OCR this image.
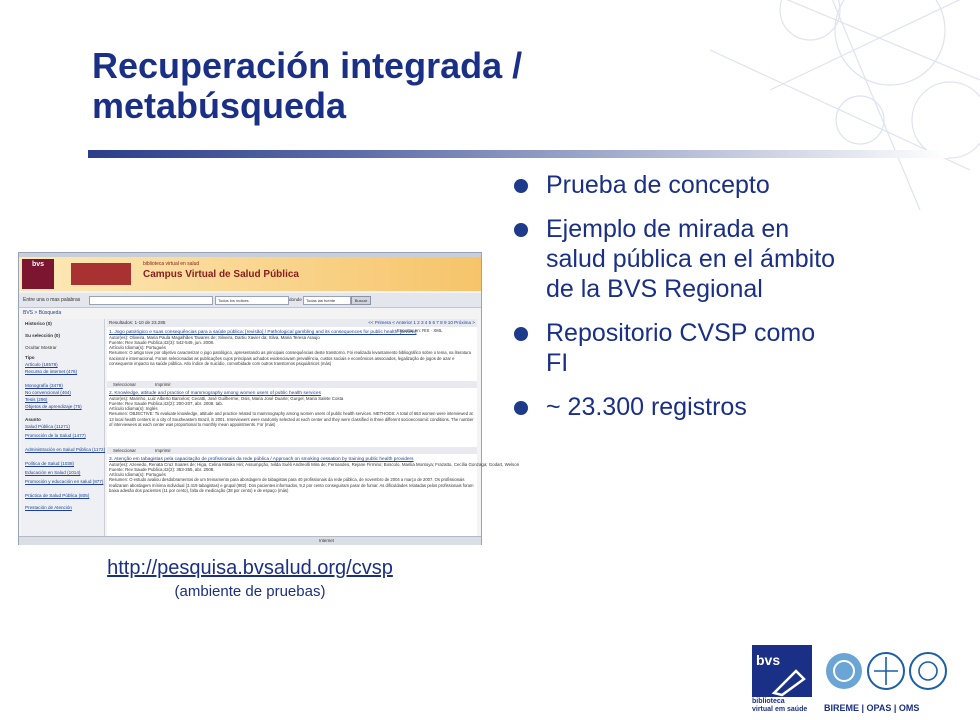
Recuperación integrada / metabúsqueda
Prueba de concepto
Ejemplo de mirada en salud pública en el ámbito de la BVS Regional
Repositorio CVSP como FI
~ 23.300 registros
bvs	biblioteca virtual en salud
Campus Virtual de Salud Pública
Entre una o mas palabras	Todos los índices	donde	Todas las fuente	Buscar
BVS > Búsqueda
Historico (0)
Su selección (0)
Ocultar Mostrar
Tipo
Artículo (18578)
Recurso de internet (476)
Monografía (3478)
No convencional (464)
Tesis (296)
Objetos de aprendizaje (75)
Asunto
Salud Pública (11271)
Promoción de la Salud (1477)
Administración en Salud Pública (1172)
Política de Salud (1038)
Educación en Salud (1014)
Promoción y educación en salud (877)
Práctica de Salud Pública (805)
Prestación de Atención
Resultados: 1-10 de 23.285	<< Primera < Anterior 1 2 3 4 5 6 7 8 9 10 Próxima >
1. Jogo patológico e suas consequências para a saúde pública: [revisão] / Pathological gambling and its consequences for public health: [review]
Autor(es): Oliveira, Maria Paula Magalhães Tavares de; Silveira, Dartiu Xavier da; Silva, Maria Teresa Araujo
Fuente: Rev Saude Publica;42(3): 542-549, jun. 2008.
Artículo Idioma(s): Portugués
Resumen: O artigo teve por objetivo caracterizar o jogo patológico, apresentando as principais consequências deste transtorno. Foi realizado levantamento bibliográfico sobre o tema, na literatura nacional e internacional. Foram selecionadas as publicações cujos principais achados evidenciavam prevalência, custos sociais e econômicos associados, legalização de jogos de azar e consequente impacto na saúde pública. Atlo índice de suicídio, comorbidade com outros transtornos psiquiátricos (más)
Seleccionar	Imprimir
2. Knowledge, attitude and practice of mammography among women users of public health services
Autor(es): Marinho, Luiz Alberto Barcelos; Cecatti, José Guilherme; Osis, Maria José Duarte; Gurgel, Maria Salete Costa
Fuente: Rev Saude Publica;42(2): 200-207, abr. 2008. tab.
Artículo Idioma(s): Inglés
Resumen: OBJECTIVE: To evaluate knowledge, attitude and practice related to mammography among women users of public health services. METHODS: A total of 663 women were interviewed at 13 local health centers in a city of Southeastern Brazil, in 2001. Interviewers were randomly selected at each center and they were classified in three different socioeconomic conditions. The number of interviewees at each center was proportional to monthly mean appointments. For (más)
Seleccionar	Imprimir
3. Atenção em tabagistas pela capacitação de profissionais da rede pública / Approach on smoking cessation by training public health providers
Autor(es): Azevedo, Renata Cruz Soares de; Higa, Celina Matiko Hiri; Assumpção, Ivilda Suéli Andreolli Mira de; Fernandes, Rejane Firmino; Boscolo, Marilia Montoya; Frazatto, Cecília Gonzaga; Godart, Welson
Fuente: Rev Saude Publica;42(2): 353-355, abr. 2008.
Artículo Idioma(s): Portugués
Resumen: O estudo avaliou desdobramentos de um treinamento para abordagem de tabagistas para 40 profissionais da rede pública, de novembro de 2004 a março de 2007. Os profissionais realizaram abordagem mínima individual (3.419 tabagistas) e grupal (982). Dos pacientes informados, 9,2 por cento conseguiram parar de fumar. As dificuldades relatadas pelos profissionais foram baixa adesão dos pacientes (11 por cento), falta de medicação (38 por cento) e de espaço (más)
Exportar en: RIS · XML
Internet
http://pesquisa.bvsalud.org/cvsp
(ambiente de pruebas)
bvs
biblioteca
virtual em saúde	BIREME | OPAS | OMS
